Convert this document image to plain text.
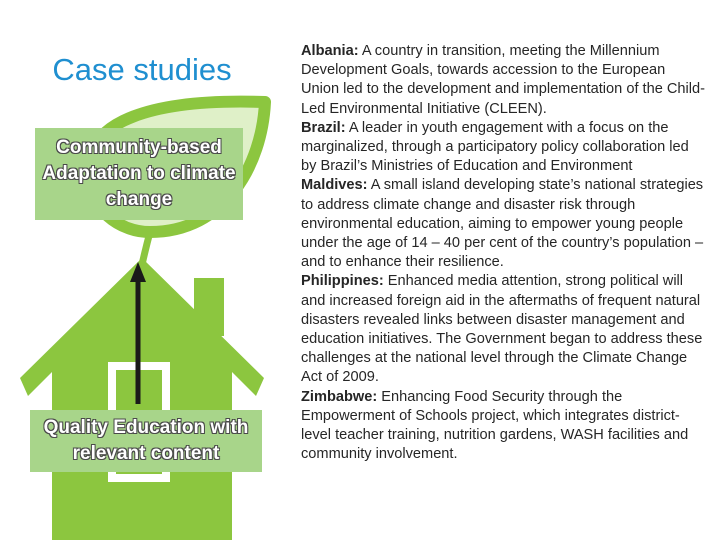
Case studies
Community-based Adaptation to climate change
Quality Education with relevant content
Albania: A country in transition, meeting the Millennium Development Goals, towards accession to the European Union led to the development and implementation of the Child-Led Environmental Initiative (CLEEN).
Brazil: A leader in youth engagement with a focus on the marginalized, through a participatory policy collaboration led by Brazil’s Ministries of Education and Environment
Maldives: A small island developing state’s national strategies to address climate change and disaster risk through environmental education, aiming to empower young people under the age of 14 – 40 per cent of the country’s population – and to enhance their resilience.
Philippines: Enhanced media attention, strong political will and increased foreign aid in the aftermaths of frequent natural disasters revealed links between disaster management and education initiatives. The Government began to address these challenges at the national level through the Climate Change Act of 2009.
Zimbabwe: Enhancing Food Security through the Empowerment of Schools project, which integrates district-level teacher training, nutrition gardens, WASH facilities and community involvement.
